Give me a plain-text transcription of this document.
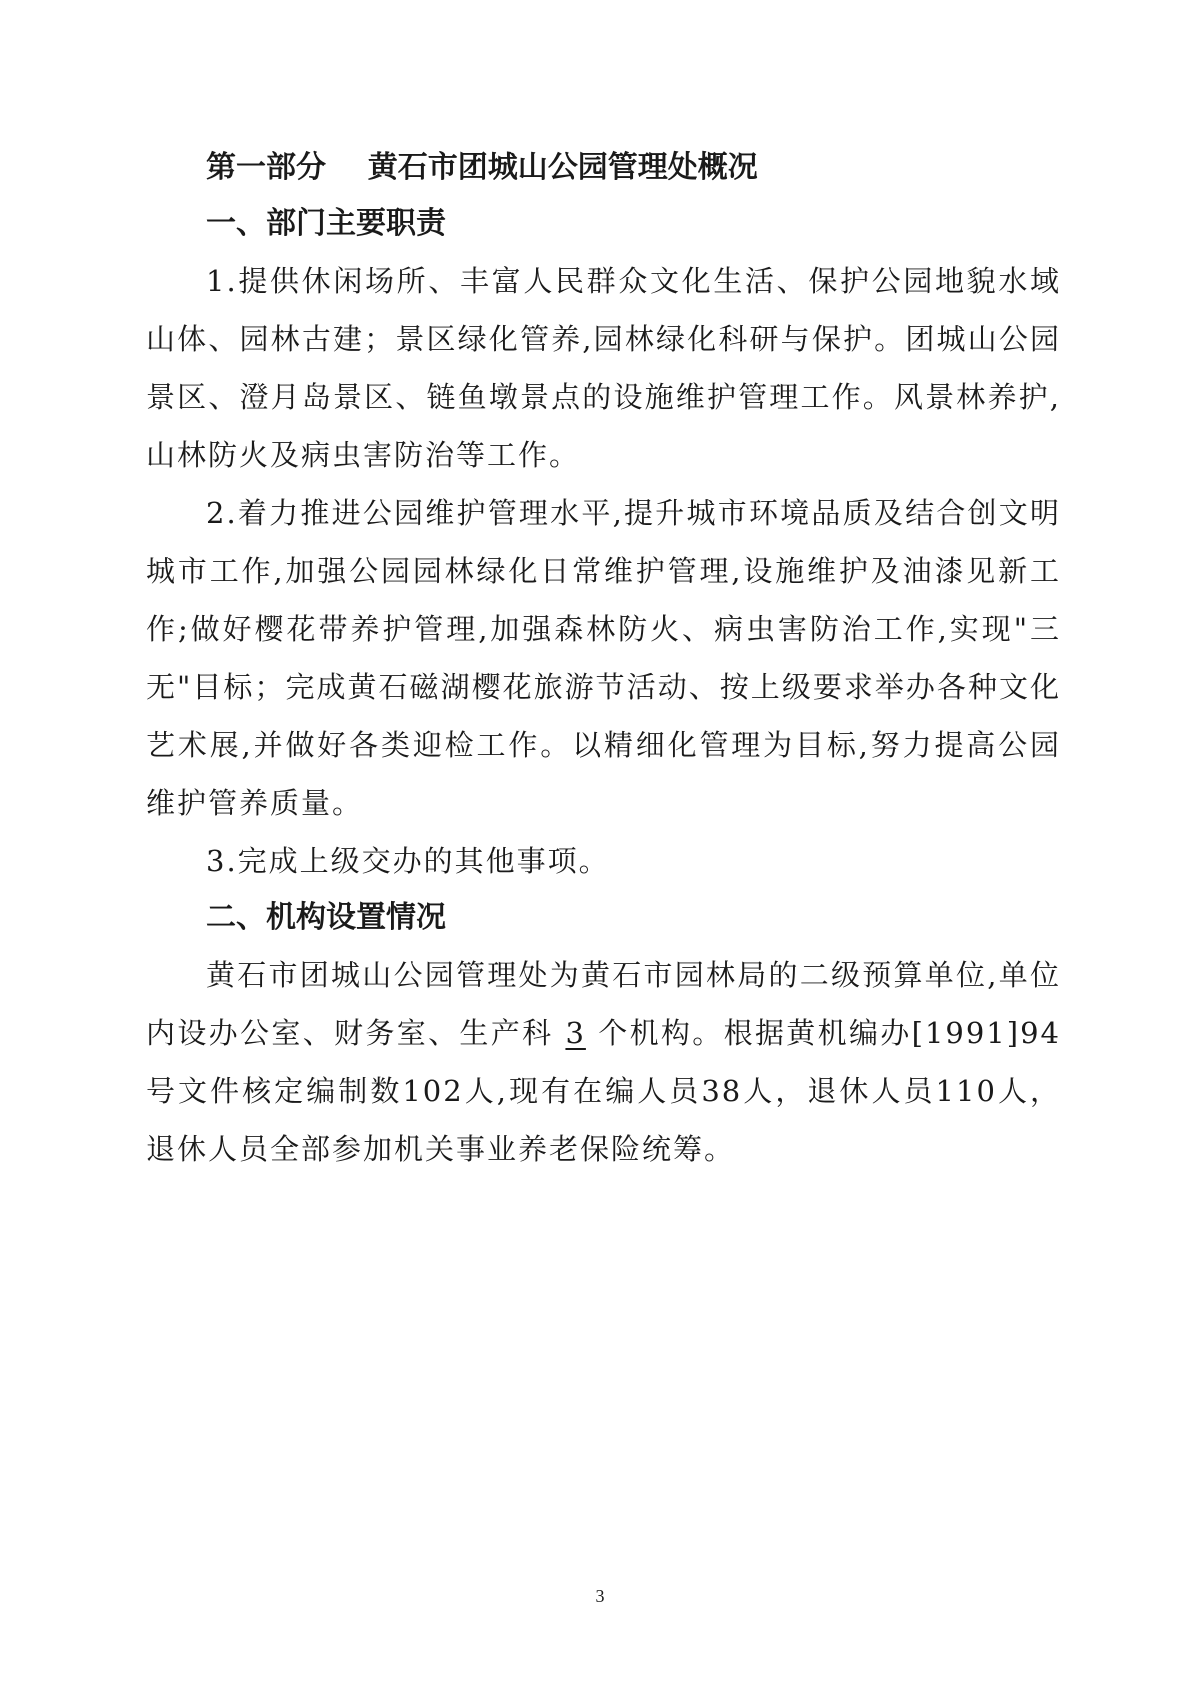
第一部分    黄石市团城山公园管理处概况
一、部门主要职责

1.提供休闲场所、丰富人民群众文化生活、保护公园地貌水域山体、园林古建；景区绿化管养,园林绿化科研与保护。团城山公园景区、澄月岛景区、链鱼墩景点的设施维护管理工作。风景林养护,山林防火及病虫害防治等工作。

2.着力推进公园维护管理水平,提升城市环境品质及结合创文明城市工作,加强公园园林绿化日常维护管理,设施维护及油漆见新工作;做好樱花带养护管理,加强森林防火、病虫害防治工作,实现"三无"目标；完成黄石磁湖樱花旅游节活动、按上级要求举办各种文化艺术展,并做好各类迎检工作。以精细化管理为目标,努力提高公园维护管养质量。

3.完成上级交办的其他事项。

二、机构设置情况

黄石市团城山公园管理处为黄石市园林局的二级预算单位,单位内设办公室、财务室、生产科 3 个机构。根据黄机编办[1991]94号文件核定编制数102人,现有在编人员38人，退休人员110人，退休人员全部参加机关事业养老保险统筹。

3
